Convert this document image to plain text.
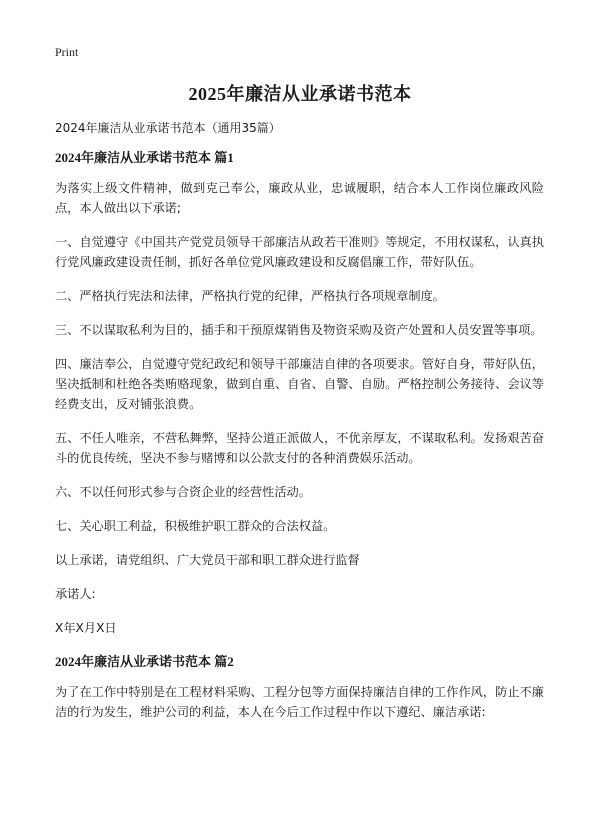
Print
2025年廉洁从业承诺书范本

2024年廉洁从业承诺书范本（通用35篇）

2024年廉洁从业承诺书范本 篇1

为落实上级文件精神，做到克己奉公，廉政从业，忠诚履职，结合本人工作岗位廉政风险点，本人做出以下承诺;

一、自觉遵守《中国共产党党员领导干部廉洁从政若干准则》等规定，不用权谋私，认真执行党风廉政建设责任制，抓好各单位党风廉政建设和反腐倡廉工作，带好队伍。

二、严格执行宪法和法律，严格执行党的纪律，严格执行各项规章制度。

三、不以谋取私利为目的，插手和干预原煤销售及物资采购及资产处置和人员安置等事项。

四、廉洁奉公，自觉遵守党纪政纪和领导干部廉洁自律的各项要求。管好自身，带好队伍，坚决抵制和杜绝各类贿赂现象，做到自重、自省、自警、自励。严格控制公务接待、会议等经费支出，反对铺张浪费。

五、不任人唯亲，不营私舞弊，坚持公道正派做人，不优亲厚友，不谋取私利。发扬艰苦奋斗的优良传统，坚决不参与赌博和以公款支付的各种消费娱乐活动。

六、不以任何形式参与合资企业的经营性活动。

七、关心职工利益，积极维护职工群众的合法权益。

以上承诺，请党组织、广大党员干部和职工群众进行监督

承诺人:

X年X月X日

2024年廉洁从业承诺书范本 篇2

为了在工作中特别是在工程材料采购、工程分包等方面保持廉洁自律的工作作风，防止不廉洁的行为发生，维护公司的利益，本人在今后工作过程中作以下遵纪、廉洁承诺:
